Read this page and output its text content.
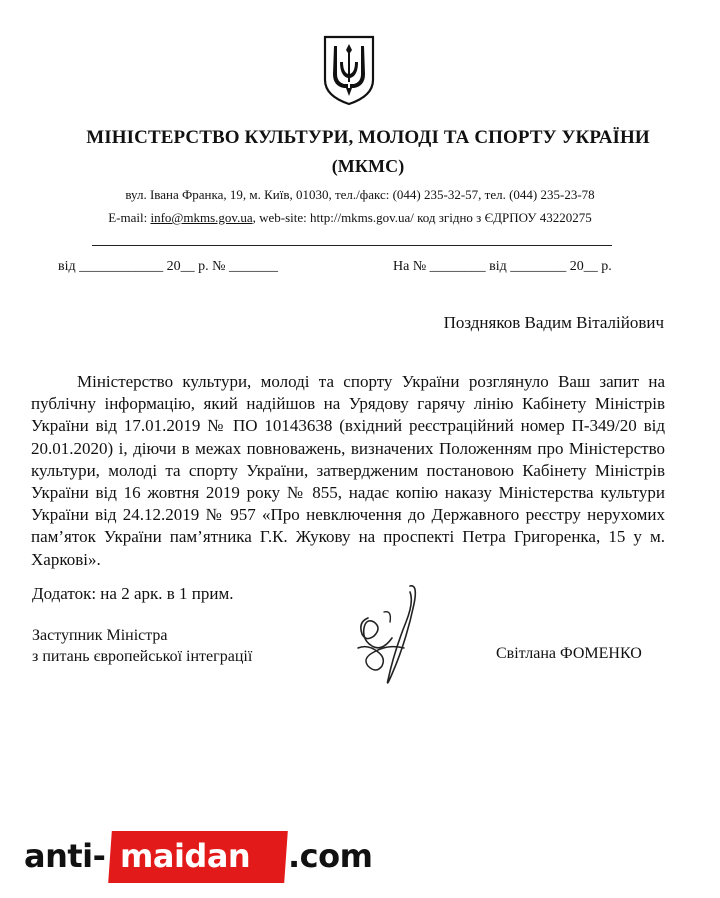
МІНІСТЕРСТВО КУЛЬТУРИ, МОЛОДІ ТА СПОРТУ УКРАЇНИ
(МКМС)
вул. Івана Франка, 19, м. Київ, 01030, тел./факс: (044) 235-32-57, тел. (044) 235-23-78
E-mail: info@mkms.gov.ua, web-site: http://mkms.gov.ua/ код згідно з ЄДРПОУ 43220275
від ____________ 20__ р. № _______	На № ________ від ________ 20__ р.
Поздняков Вадим Віталійович
Міністерство культури, молоді та спорту України розглянуло Ваш запит на публічну інформацію, який надійшов на Урядову гарячу лінію Кабінету Міністрів України від 17.01.2019 № ПО 10143638 (вхідний реєстраційний номер П-349/20 від 20.01.2020) і, діючи в межах повноважень, визначених Положенням про Міністерство культури, молоді та спорту України, затвердженим постановою Кабінету Міністрів України від 16 жовтня 2019 року № 855, надає копію наказу Міністерства культури України від 24.12.2019 № 957 «Про невключення до Державного реєстру нерухомих пам’яток України пам’ятника Г.К. Жукову на проспекті Петра Григоренка, 15 у м. Харкові».
Додаток: на 2 арк. в 1 прим.
Заступник Міністра
з питань європейської інтеграції	Світлана ФОМЕНКО
anti- maidan .com
